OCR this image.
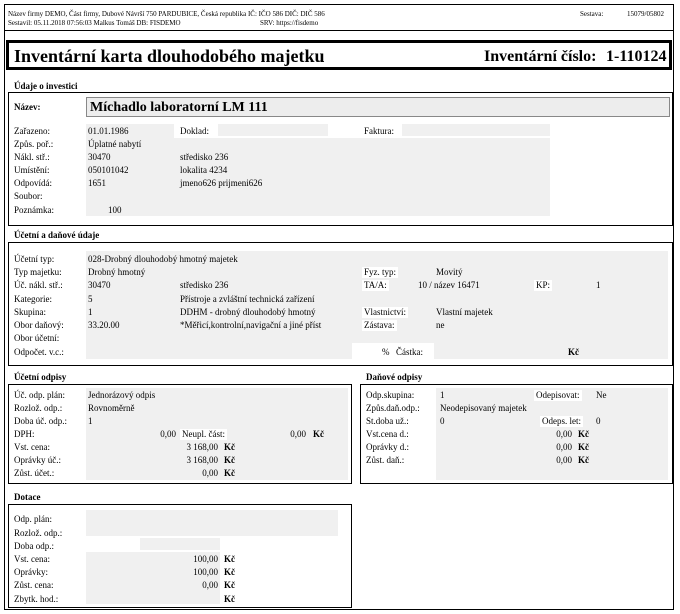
Název firmy DEMO, Část firmy, Dubové Návrší 750 PARDUBICE, Česká republika IČ: IČO 586 DIČ: DIČ 586
Sestavil: 05.11.2018 07:56:03 Malkus Tomáš DB: FISDEMO	SRV: https://fisdemo
Sestava:	15079/05802
Inventární karta dlouhodobého majetku	Inventární číslo: 1-110124
Údaje o investici
Název:	Míchadlo laboratorní LM 111
Zařazeno:	01.01.1986	Doklad:	Faktura:
Způs. poř.:	Úplatné nabytí
Nákl. stř.:	30470	středisko 236
Umístění:	050101042	lokalita 4234
Odpovídá:	1651	jmeno626 prijmeni626
Soubor:
Poznámka:	100
Účetní a daňové údaje
Účetní typ:	028-Drobný dlouhodobý hmotný majetek
Typ majetku:	Drobný hmotný	Fyz. typ:	Movitý
Úč. nákl. stř.:	30470	středisko 236	TA/A:	10 / název 16471	KP:	1
Kategorie:	5	Přístroje a zvláštní technická zařízení
Skupina:	1	DDHM - drobný dlouhodobý hmotný	Vlastnictví:	Vlastní majetek
Obor daňový:	33.20.00	*Měřicí,kontrolní,navigační a jiné příst	Zástava:	ne
Obor účetní:
Odpočet. v.c.:	% Částka:	Kč
Účetní odpisy
Úč. odp. plán:	Jednorázový odpis
Rozlož. odp.:	Rovnoměrně
Doba úč. odp.: 1
DPH:	0,00 Neupl. část:	0,00 Kč
Vst. cena:	3 168,00 Kč
Oprávky úč.:	3 168,00 Kč
Zůst. účet.:	0,00 Kč
Daňové odpisy
Odp.skupina:	1	Odepisovat: Ne
Způs.daň.odp.: Neodepisovaný majetek
St.doba už.:	0	Odeps. let: 0
Vst.cena d.:	0,00 Kč
Oprávky d.:	0,00 Kč
Zůst. daň.:	0,00 Kč
Dotace
Odp. plán:
Rozlož. odp.:
Doba odp.:
Vst. cena:	100,00 Kč
Oprávky:	100,00 Kč
Zůst. cena:	0,00 Kč
Zbytk. hod.:	Kč
